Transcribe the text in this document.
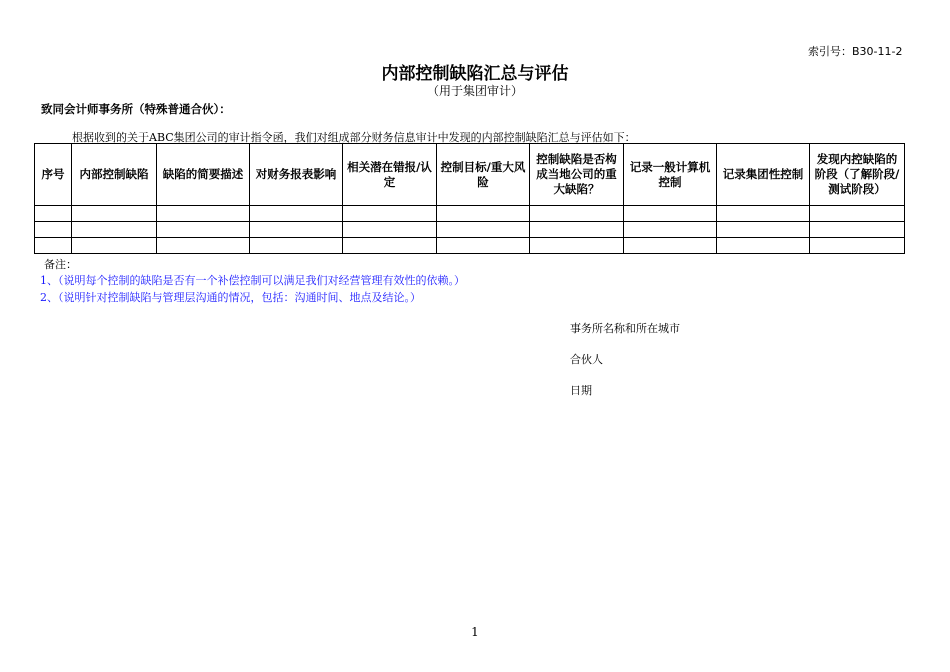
索引号：B30-11-2
内部控制缺陷汇总与评估
（用于集团审计）
致同会计师事务所（特殊普通合伙）：
根据收到的关于ABC集团公司的审计指令函，我们对组成部分财务信息审计中发现的内部控制缺陷汇总与评估如下：
序号	内部控制缺陷	缺陷的简要描述	对财务报表影响	相关潜在错报/认定	控制目标/重大风险	控制缺陷是否构成当地公司的重大缺陷？	记录一般计算机控制	记录集团性控制	发现内控缺陷的阶段（了解阶段/测试阶段）

备注：
1、（说明每个控制的缺陷是否有一个补偿控制可以满足我们对经营管理有效性的依赖。）
2、（说明针对控制缺陷与管理层沟通的情况，包括：沟通时间、地点及结论。）
事务所名称和所在城市
合伙人
日期
1
